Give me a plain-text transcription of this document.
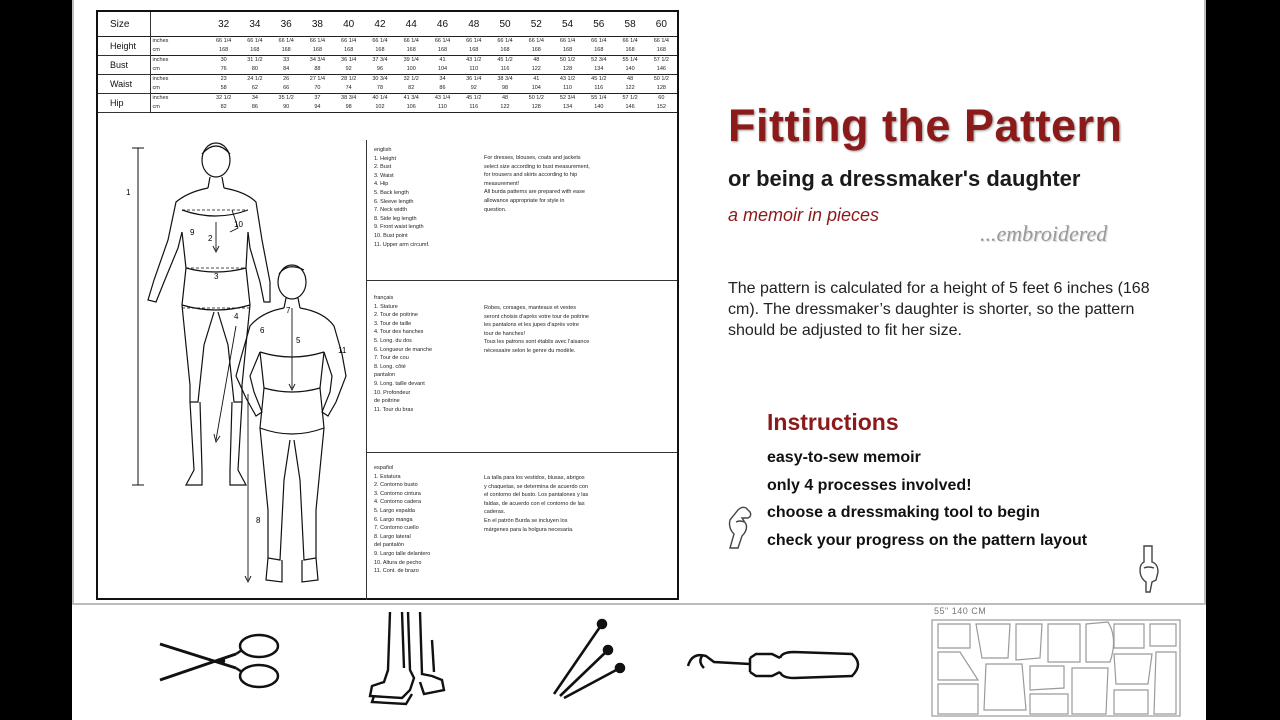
Size		32	34	36	38	40	42	44	46	48	50	52	54	56	58	60
Height	inches	66 1/4	66 1/4	66 1/4	66 1/4	66 1/4	66 1/4	66 1/4	66 1/4	66 1/4	66 1/4	66 1/4	66 1/4	66 1/4	66 1/4	66 1/4
	cm	168	168	168	168	168	168	168	168	168	168	168	168	168	168	168
Bust	inches	30	31 1/2	33	34 3/4	36 1/4	37 3/4	39 1/4	41	43 1/2	45 1/2	48	50 1/2	52 3/4	55 1/4	57 1/2
	cm	76	80	84	88	92	96	100	104	110	116	122	128	134	140	146
Waist	inches	23	24 1/2	26	27 1/4	28 1/2	30 3/4	32 1/2	34	36 1/4	38 3/4	41	43 1/2	45 1/2	48	50 1/2
	cm	58	62	66	70	74	78	82	86	92	98	104	110	116	122	128
Hip	inches	32 1/2	34	35 1/2	37	38 3/4	40 1/4	41 3/4	43 1/4	45 1/2	48	50 1/2	52 3/4	55 1/4	57 1/2	60
	cm	82	86	90	94	98	102	106	110	116	122	128	134	140	146	152
1
2
3
4
5
6
7
8
9
10
11
english
1. Height
2. Bust
3. Waist
4. Hip
5. Back length
6. Sleeve length
7. Neck width
8. Side leg length
9. Front waist length
10. Bust point
11. Upper arm circumf.
For dresses, blouses, coats and jackets
select size according to bust measurement,
for trousers and skirts according to hip
measurement!
All burda patterns are prepared with ease
allowance appropriate for style in
question.
français
1. Stature
2. Tour de poitrine
3. Tour de taille
4. Tour des hanches
5. Long. du dos
6. Longueur de manche
7. Tour de cou
8. Long. côté
pantalon
9. Long. taille devant
10. Profondeur
de poitrine
11. Tour du bras
Robes, corsages, manteaux et vestes
seront choisis d'après votre tour de poitrine
les pantalons et les jupes d'après votre
tour de hanches!
Tous les patrons sont établis avec l'aisance
nécessaire selon le genre du modèle.
español
1. Estatura
2. Contorno busto
3. Contorno cintura
4. Contorno cadera
5. Largo espalda
6. Largo manga
7. Contorno cuello
8. Largo lateral
del pantalón
9. Largo talle delantero
10. Altura de pecho
11. Cont. de brazo
La talla para los vestidos, blusas, abrigos
y chaquetas, se determina de acuerdo con
el contorno del busto. Los pantalones y las
faldas, de acuerdo con el contorno de las
caderas.
En el patrón Burda se incluyen los
márgenes para la holgura necesaria.
Fitting the Pattern
or being a dressmaker's daughter
a memoir in pieces
...embroidered
The pattern is calculated for a height of 5 feet 6 inches (168 cm). The dressmaker’s daughter is shorter, so the pattern should be adjusted to fit her size.
Instructions
easy-to-sew memoir
only 4 processes involved!
choose a dressmaking tool to begin
check your progress on the pattern layout
55" 140 CM
